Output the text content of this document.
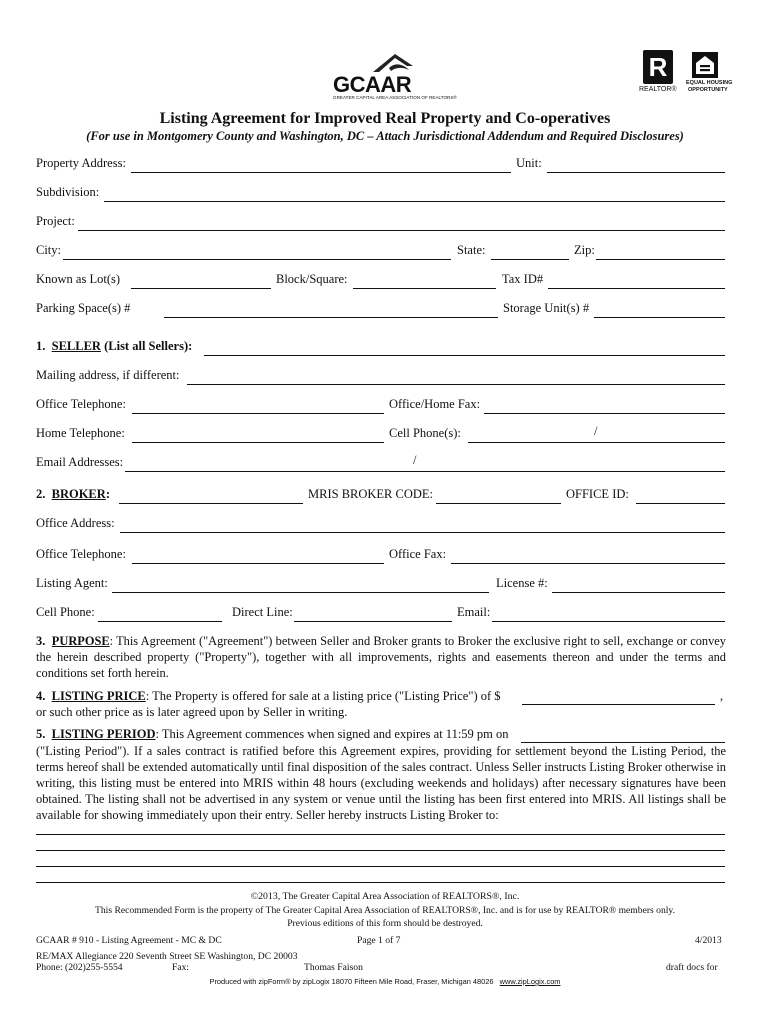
GCAAR
GREATER CAPITAL AREA ASSOCIATION OF REALTORS®
R
REALTOR®
EQUAL HOUSING
OPPORTUNITY
Listing Agreement for Improved Real Property and Co-operatives
(For use in Montgomery County and Washington, DC – Attach Jurisdictional Addendum and Required Disclosures)
Property Address:	Unit:
Subdivision:
Project:
City:	State:	Zip:
Known as Lot(s)	Block/Square:	Tax ID#
Parking Space(s) #	Storage Unit(s) #
1. SELLER (List all Sellers):
Mailing address, if different:
Office Telephone:	Office/Home Fax:
Home Telephone:	Cell Phone(s):	/
Email Addresses:	/
2. BROKER:	MRIS BROKER CODE:	OFFICE ID:
Office Address:
Office Telephone:	Office Fax:
Listing Agent:	License #:
Cell Phone:	Direct Line:	Email:
3. PURPOSE: This Agreement ("Agreement") between Seller and Broker grants to Broker the exclusive right to sell, exchange or convey the herein described property ("Property"), together with all improvements, rights and easements thereon and under the terms and conditions set forth herein.
4. LISTING PRICE: The Property is offered for sale at a listing price ("Listing Price") of $	,
or such other price as is later agreed upon by Seller in writing.
5. LISTING PERIOD: This Agreement commences when signed and expires at 11:59 pm on
("Listing Period"). If a sales contract is ratified before this Agreement expires, providing for settlement beyond the Listing Period, the terms hereof shall be extended automatically until final disposition of the sales contract. Unless Seller instructs Listing Broker otherwise in writing, this listing must be entered into MRIS within 48 hours (excluding weekends and holidays) after necessary signatures have been obtained. The listing shall not be advertised in any system or venue until the listing has been first entered into MRIS. All listings shall be available for showing immediately upon their entry. Seller hereby instructs Listing Broker to:
©2013, The Greater Capital Area Association of REALTORS®, Inc.
This Recommended Form is the property of The Greater Capital Area Association of REALTORS®, Inc. and is for use by REALTOR® members only.
Previous editions of this form should be destroyed.
GCAAR # 910 - Listing Agreement - MC & DC	Page 1 of 7	4/2013
RE/MAX Allegiance 220 Seventh Street SE Washington, DC 20003
Phone: (202)255-5554	Fax:	Thomas Faison	draft docs for
Produced with zipForm® by zipLogix 18070 Fifteen Mile Road, Fraser, Michigan 48026 www.zipLogix.com
